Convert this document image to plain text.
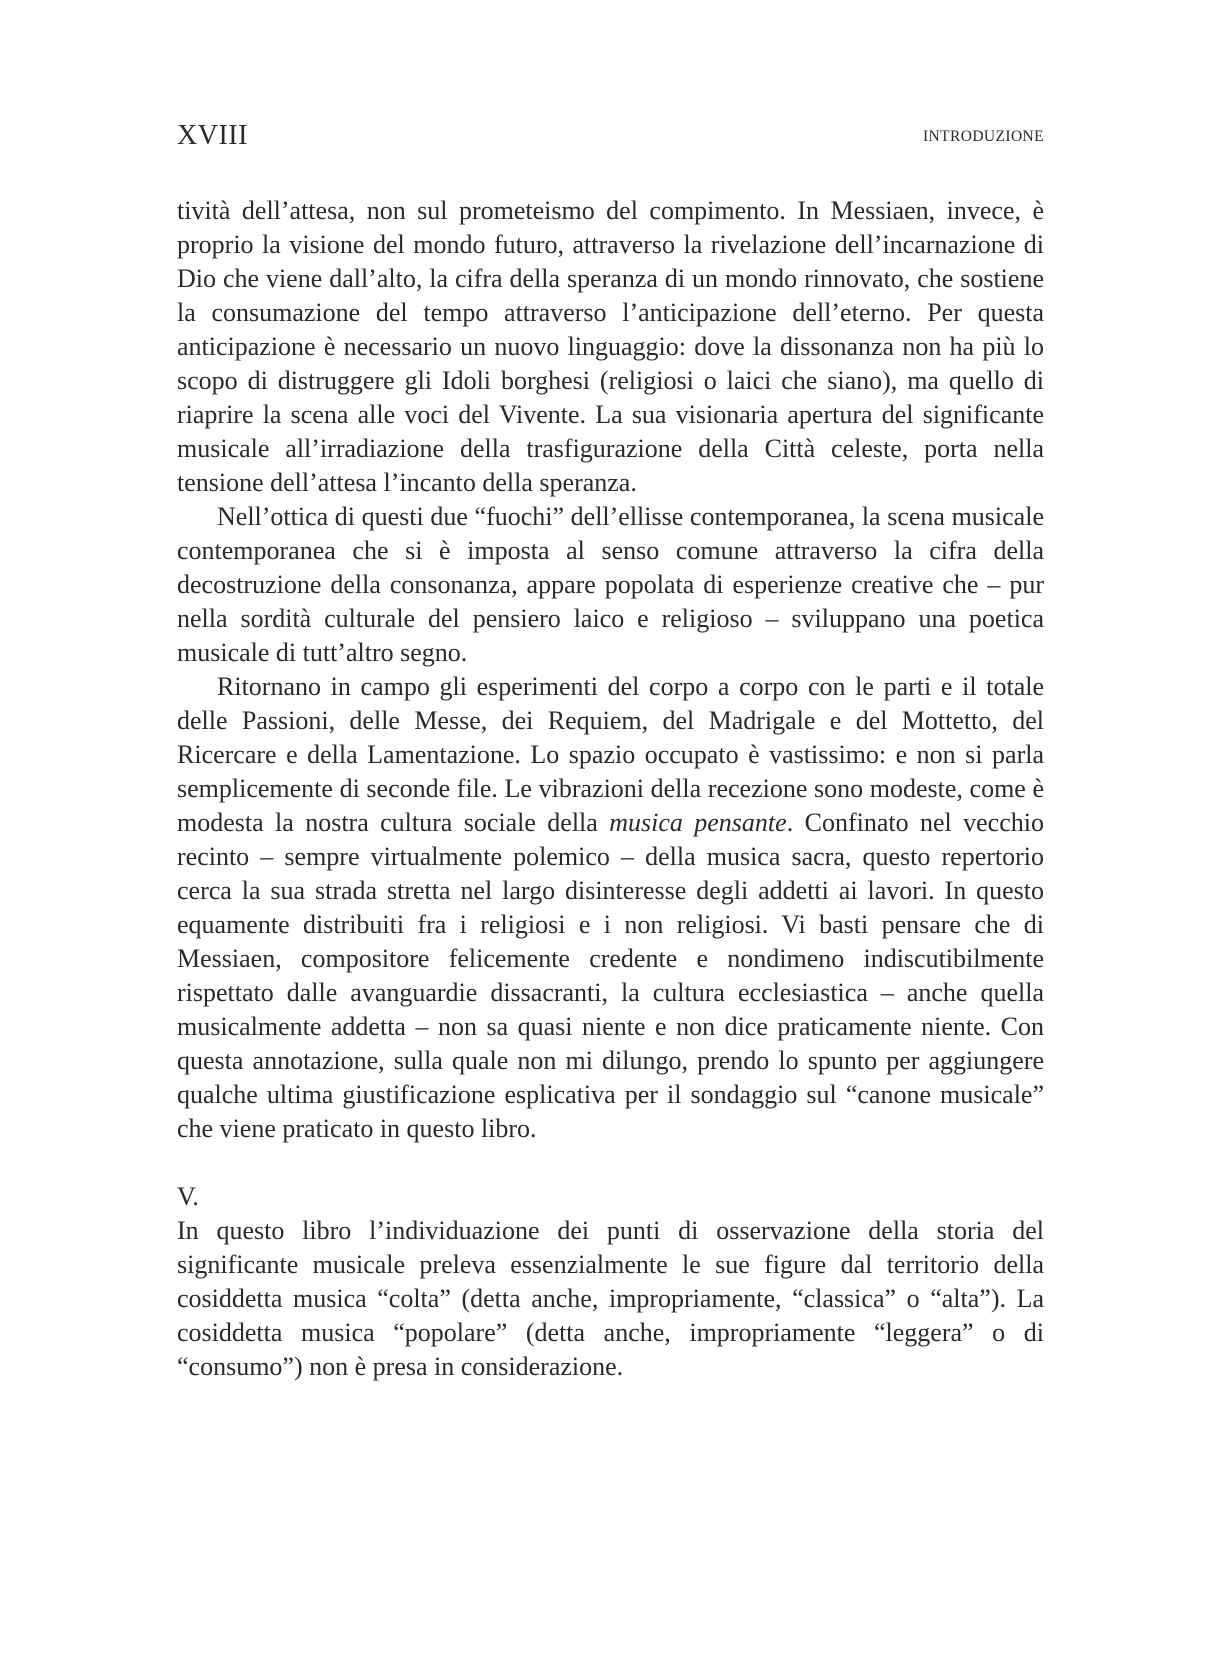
XVIII	INTRODUZIONE

tività dell’attesa, non sul prometeismo del compimento. In Messiaen, invece, è proprio la visione del mondo futuro, attraverso la rivelazione dell’incarnazione di Dio che viene dall’alto, la cifra della speranza di un mondo rinnovato, che sostiene la consumazione del tempo attraverso l’anticipazione dell’eterno. Per questa anticipazione è necessario un nuovo linguaggio: dove la dissonanza non ha più lo scopo di distruggere gli Idoli borghesi (religiosi o laici che siano), ma quello di riaprire la scena alle voci del Vivente. La sua visionaria apertura del significante musicale all’irradiazione della trasfigurazione della Città celeste, porta nella tensione dell’attesa l’incanto della speranza.

Nell’ottica di questi due “fuochi” dell’ellisse contemporanea, la scena musicale contemporanea che si è imposta al senso comune attraverso la cifra della decostruzione della consonanza, appare popolata di esperienze creative che – pur nella sordità culturale del pensiero laico e religioso – sviluppano una poetica musicale di tutt’altro segno.

Ritornano in campo gli esperimenti del corpo a corpo con le parti e il totale delle Passioni, delle Messe, dei Requiem, del Madrigale e del Mottetto, del Ricercare e della Lamentazione. Lo spazio occupato è vastissimo: e non si parla semplicemente di seconde file. Le vibrazioni della recezione sono modeste, come è modesta la nostra cultura sociale della musica pensante. Confinato nel vecchio recinto – sempre virtualmente polemico – della musica sacra, questo repertorio cerca la sua strada stretta nel largo disinteresse degli addetti ai lavori. In questo equamente distribuiti fra i religiosi e i non religiosi. Vi basti pensare che di Messiaen, compositore felicemente credente e nondimeno indiscutibilmente rispettato dalle avanguardie dissacranti, la cultura ecclesiastica – anche quella musicalmente addetta – non sa quasi niente e non dice praticamente niente. Con questa annotazione, sulla quale non mi dilungo, prendo lo spunto per aggiungere qualche ultima giustificazione esplicativa per il sondaggio sul “canone musicale” che viene praticato in questo libro.

V.

In questo libro l’individuazione dei punti di osservazione della storia del significante musicale preleva essenzialmente le sue figure dal territorio della cosiddetta musica “colta” (detta anche, impropriamente, “classica” o “alta”). La cosiddetta musica “popolare” (detta anche, impropriamente “leggera” o di “consumo”) non è presa in considerazione.
